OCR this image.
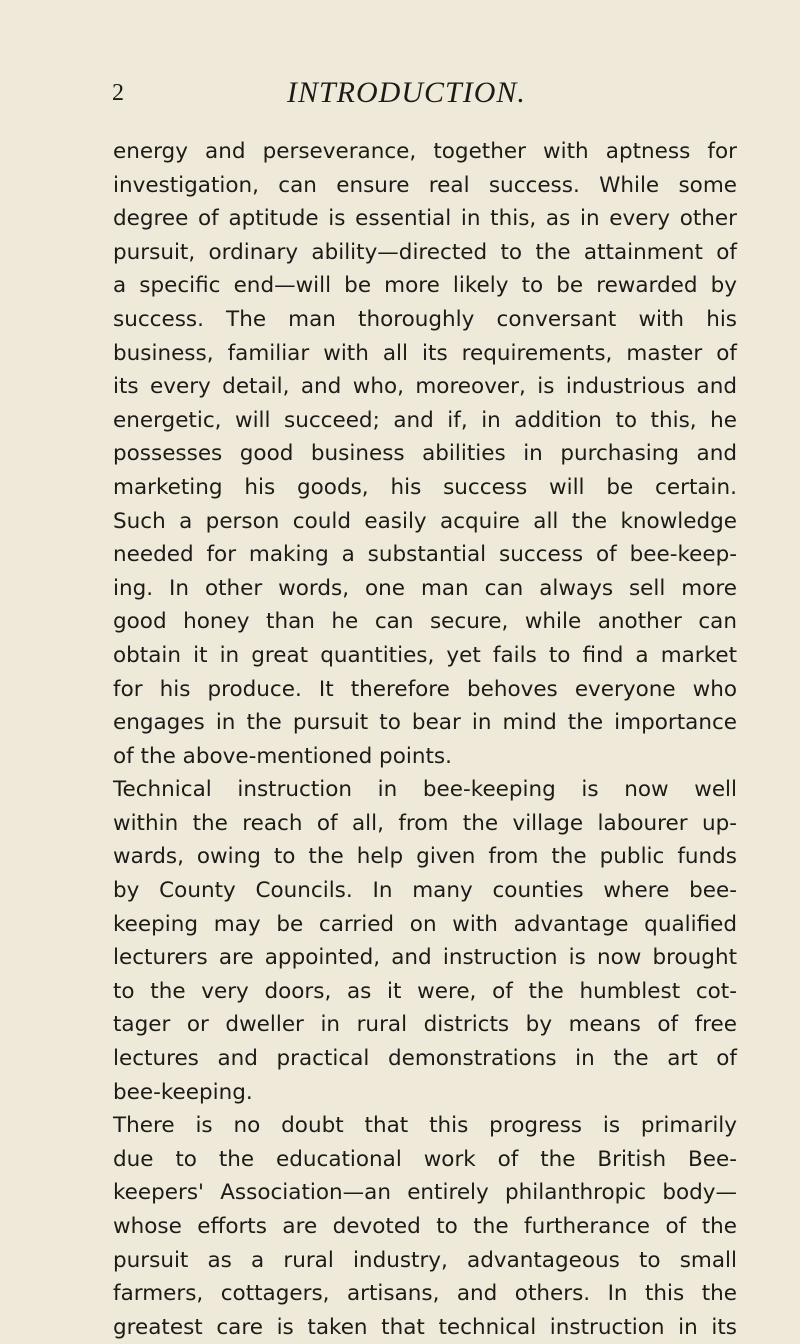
2	INTRODUCTION.
energy and perseverance, together with aptness for
investigation, can ensure real success. While some
degree of aptitude is essential in this, as in every other
pursuit, ordinary ability—directed to the attainment of
a specific end—will be more likely to be rewarded by
success. The man thoroughly conversant with his
business, familiar with all its requirements, master of
its every detail, and who, moreover, is industrious and
energetic, will succeed; and if, in addition to this, he
possesses good business abilities in purchasing and
marketing his goods, his success will be certain.
Such a person could easily acquire all the knowledge
needed for making a substantial success of bee-keep-
ing. In other words, one man can always sell more
good honey than he can secure, while another can
obtain it in great quantities, yet fails to find a market
for his produce. It therefore behoves everyone who
engages in the pursuit to bear in mind the importance
of the above-mentioned points.
Technical instruction in bee-keeping is now well
within the reach of all, from the village labourer up-
wards, owing to the help given from the public funds
by County Councils. In many counties where bee-
keeping may be carried on with advantage qualified
lecturers are appointed, and instruction is now brought
to the very doors, as it were, of the humblest cot-
tager or dweller in rural districts by means of free
lectures and practical demonstrations in the art of
bee-keeping.
There is no doubt that this progress is primarily
due to the educational work of the British Bee-
keepers' Association—an entirely philanthropic body—
whose efforts are devoted to the furtherance of the
pursuit as a rural industry, advantageous to small
farmers, cottagers, artisans, and others. In this the
greatest care is taken that technical instruction in its
